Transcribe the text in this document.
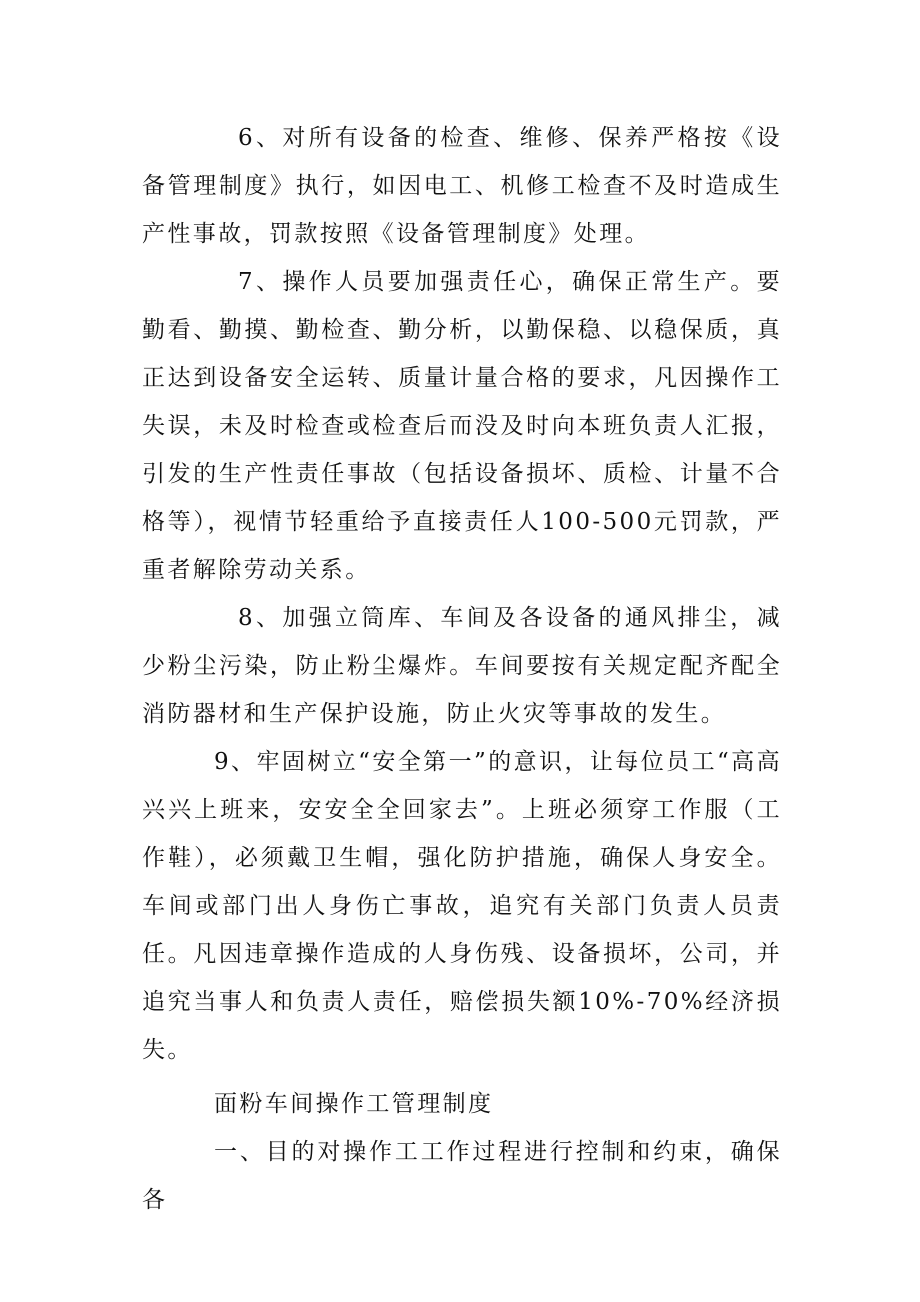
6、对所有设备的检查、维修、保养严格按《设备管理制度》执行，如因电工、机修工检查不及时造成生产性事故，罚款按照《设备管理制度》处理。

7、操作人员要加强责任心，确保正常生产。要勤看、勤摸、勤检查、勤分析，以勤保稳、以稳保质，真正达到设备安全运转、质量计量合格的要求，凡因操作工失误，未及时检查或检查后而没及时向本班负责人汇报，引发的生产性责任事故（包括设备损坏、质检、计量不合格等），视情节轻重给予直接责任人100-500元罚款，严重者解除劳动关系。

8、加强立筒库、车间及各设备的通风排尘，减少粉尘污染，防止粉尘爆炸。车间要按有关规定配齐配全消防器材和生产保护设施，防止火灾等事故的发生。

9、牢固树立“安全第一”的意识，让每位员工“高高兴兴上班来，安安全全回家去”。上班必须穿工作服（工作鞋），必须戴卫生帽，强化防护措施，确保人身安全。车间或部门出人身伤亡事故，追究有关部门负责人员责任。凡因违章操作造成的人身伤残、设备损坏，公司，并追究当事人和负责人责任，赔偿损失额10%-70%经济损失。

面粉车间操作工管理制度

一、目的对操作工工作过程进行控制和约束，确保各
